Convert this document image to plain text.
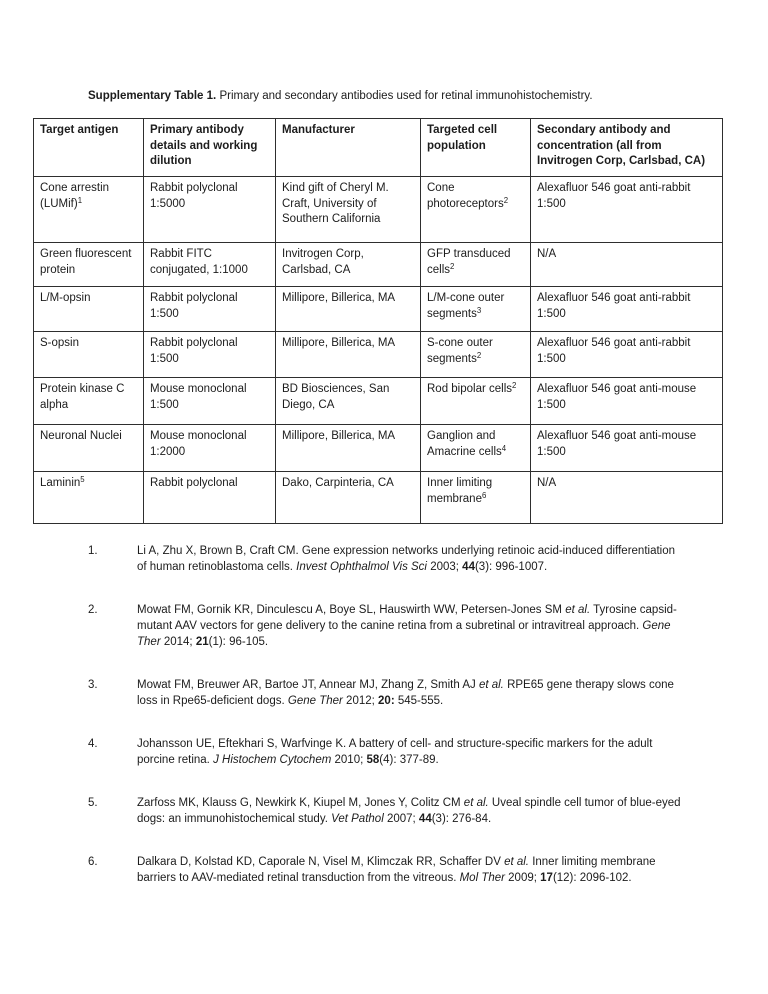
Supplementary Table 1. Primary and secondary antibodies used for retinal immunohistochemistry.
Target antigen	Primary antibody details and working dilution	Manufacturer	Targeted cell population	Secondary antibody and concentration (all from Invitrogen Corp, Carlsbad, CA)
Cone arrestin (LUMif)$^1$	Rabbit polyclonal 1:5000	Kind gift of Cheryl M. Craft, University of Southern California	Cone photoreceptors$^2$	Alexafluor 546 goat anti-rabbit 1:500
Green fluorescent protein	Rabbit FITC conjugated, 1:1000	Invitrogen Corp, Carlsbad, CA	GFP transduced cells$^2$	N/A
L/M-opsin	Rabbit polyclonal 1:500	Millipore, Billerica, MA	L/M-cone outer segments$^3$	Alexafluor 546 goat anti-rabbit 1:500
S-opsin	Rabbit polyclonal 1:500	Millipore, Billerica, MA	S-cone outer segments$^2$	Alexafluor 546 goat anti-rabbit 1:500
Protein kinase C alpha	Mouse monoclonal 1:500	BD Biosciences, San Diego, CA	Rod bipolar cells$^2$	Alexafluor 546 goat anti-mouse 1:500
Neuronal Nuclei	Mouse monoclonal 1:2000	Millipore, Billerica, MA	Ganglion and Amacrine cells$^4$	Alexafluor 546 goat anti-mouse 1:500
Laminin$^5$	Rabbit polyclonal	Dako, Carpinteria, CA	Inner limiting membrane$^6$	N/A
1.	Li A, Zhu X, Brown B, Craft CM. Gene expression networks underlying retinoic acid-induced differentiation of human retinoblastoma cells. Invest Ophthalmol Vis Sci 2003; 44(3): 996-1007.
2.	Mowat FM, Gornik KR, Dinculescu A, Boye SL, Hauswirth WW, Petersen-Jones SM et al. Tyrosine capsid-mutant AAV vectors for gene delivery to the canine retina from a subretinal or intravitreal approach. Gene Ther 2014; 21(1): 96-105.
3.	Mowat FM, Breuwer AR, Bartoe JT, Annear MJ, Zhang Z, Smith AJ et al. RPE65 gene therapy slows cone loss in Rpe65-deficient dogs. Gene Ther 2012; 20: 545-555.
4.	Johansson UE, Eftekhari S, Warfvinge K. A battery of cell- and structure-specific markers for the adult porcine retina. J Histochem Cytochem 2010; 58(4): 377-89.
5.	Zarfoss MK, Klauss G, Newkirk K, Kiupel M, Jones Y, Colitz CM et al. Uveal spindle cell tumor of blue-eyed dogs: an immunohistochemical study. Vet Pathol 2007; 44(3): 276-84.
6.	Dalkara D, Kolstad KD, Caporale N, Visel M, Klimczak RR, Schaffer DV et al. Inner limiting membrane barriers to AAV-mediated retinal transduction from the vitreous. Mol Ther 2009; 17(12): 2096-102.
